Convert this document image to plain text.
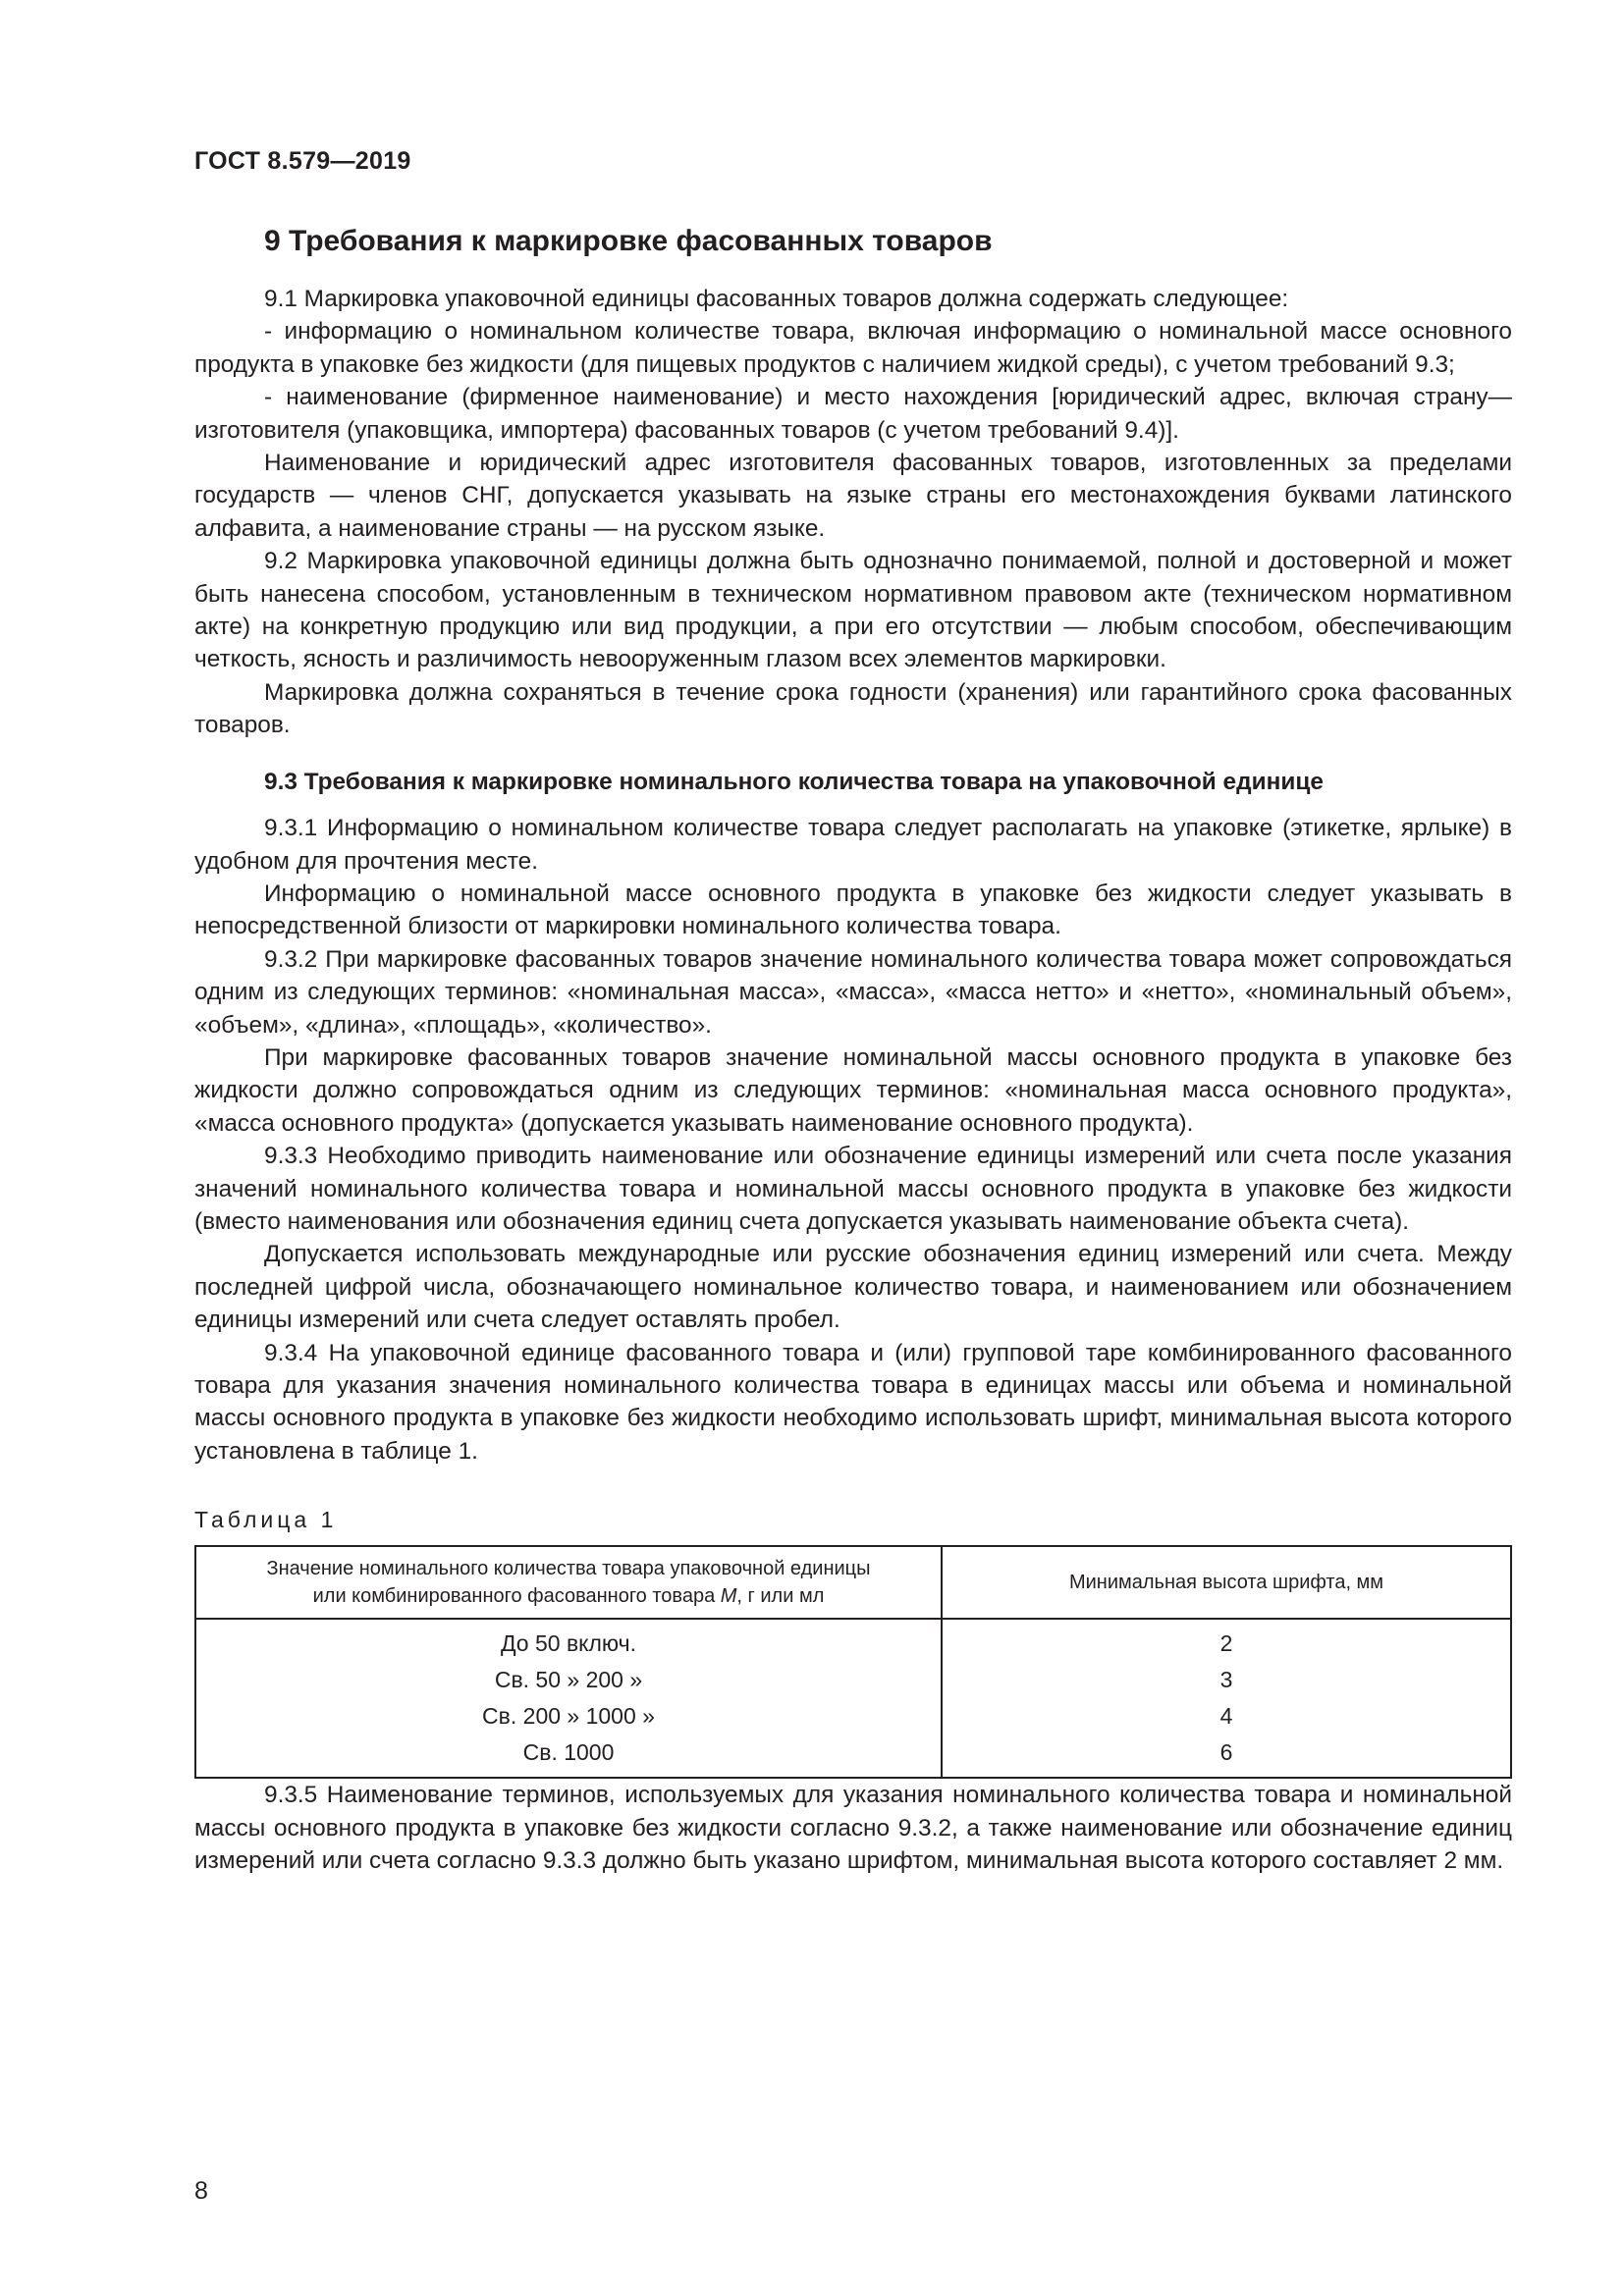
ГОСТ 8.579—2019
9 Требования к маркировке фасованных товаров

9.1 Маркировка упаковочной единицы фасованных товаров должна содержать следующее:

- информацию о номинальном количестве товара, включая информацию о номинальной массе основного продукта в упаковке без жидкости (для пищевых продуктов с наличием жидкой среды), с учетом требований 9.3;

- наименование (фирменное наименование) и место нахождения [юридический адрес, включая страну—изготовителя (упаковщика, импортера) фасованных товаров (с учетом требований 9.4)].

Наименование и юридический адрес изготовителя фасованных товаров, изготовленных за пределами государств — членов СНГ, допускается указывать на языке страны его местонахождения буквами латинского алфавита, а наименование страны — на русском языке.

9.2 Маркировка упаковочной единицы должна быть однозначно понимаемой, полной и достоверной и может быть нанесена способом, установленным в техническом нормативном правовом акте (техническом нормативном акте) на конкретную продукцию или вид продукции, а при его отсутствии — любым способом, обеспечивающим четкость, ясность и различимость невооруженным глазом всех элементов маркировки.

Маркировка должна сохраняться в течение срока годности (хранения) или гарантийного срока фасованных товаров.

9.3 Требования к маркировке номинального количества товара на упаковочной единице

9.3.1 Информацию о номинальном количестве товара следует располагать на упаковке (этикетке, ярлыке) в удобном для прочтения месте.

Информацию о номинальной массе основного продукта в упаковке без жидкости следует указывать в непосредственной близости от маркировки номинального количества товара.

9.3.2 При маркировке фасованных товаров значение номинального количества товара может сопровождаться одним из следующих терминов: «номинальная масса», «масса», «масса нетто» и «нетто», «номинальный объем», «объем», «длина», «площадь», «количество».

При маркировке фасованных товаров значение номинальной массы основного продукта в упаковке без жидкости должно сопровождаться одним из следующих терминов: «номинальная масса основного продукта», «масса основного продукта» (допускается указывать наименование основного продукта).

9.3.3 Необходимо приводить наименование или обозначение единицы измерений или счета после указания значений номинального количества товара и номинальной массы основного продукта в упаковке без жидкости (вместо наименования или обозначения единиц счета допускается указывать наименование объекта счета).

Допускается использовать международные или русские обозначения единиц измерений или счета. Между последней цифрой числа, обозначающего номинальное количество товара, и наименованием или обозначением единицы измерений или счета следует оставлять пробел.

9.3.4 На упаковочной единице фасованного товара и (или) групповой таре комбинированного фасованного товара для указания значения номинального количества товара в единицах массы или объема и номинальной массы основного продукта в упаковке без жидкости необходимо использовать шрифт, минимальная высота которого установлена в таблице 1.

Таблица 1
Значение номинального количества товара упаковочной единицы
или комбинированного фасованного товара M, г или мл	Минимальная высота шрифта, мм
До 50 включ.	2
Св. 50 » 200 »	3
Св. 200 » 1000 »	4
Св. 1000	6

9.3.5 Наименование терминов, используемых для указания номинального количества товара и номинальной массы основного продукта в упаковке без жидкости согласно 9.3.2, а также наименование или обозначение единиц измерений или счета согласно 9.3.3 должно быть указано шрифтом, минимальная высота которого составляет 2 мм.

8
